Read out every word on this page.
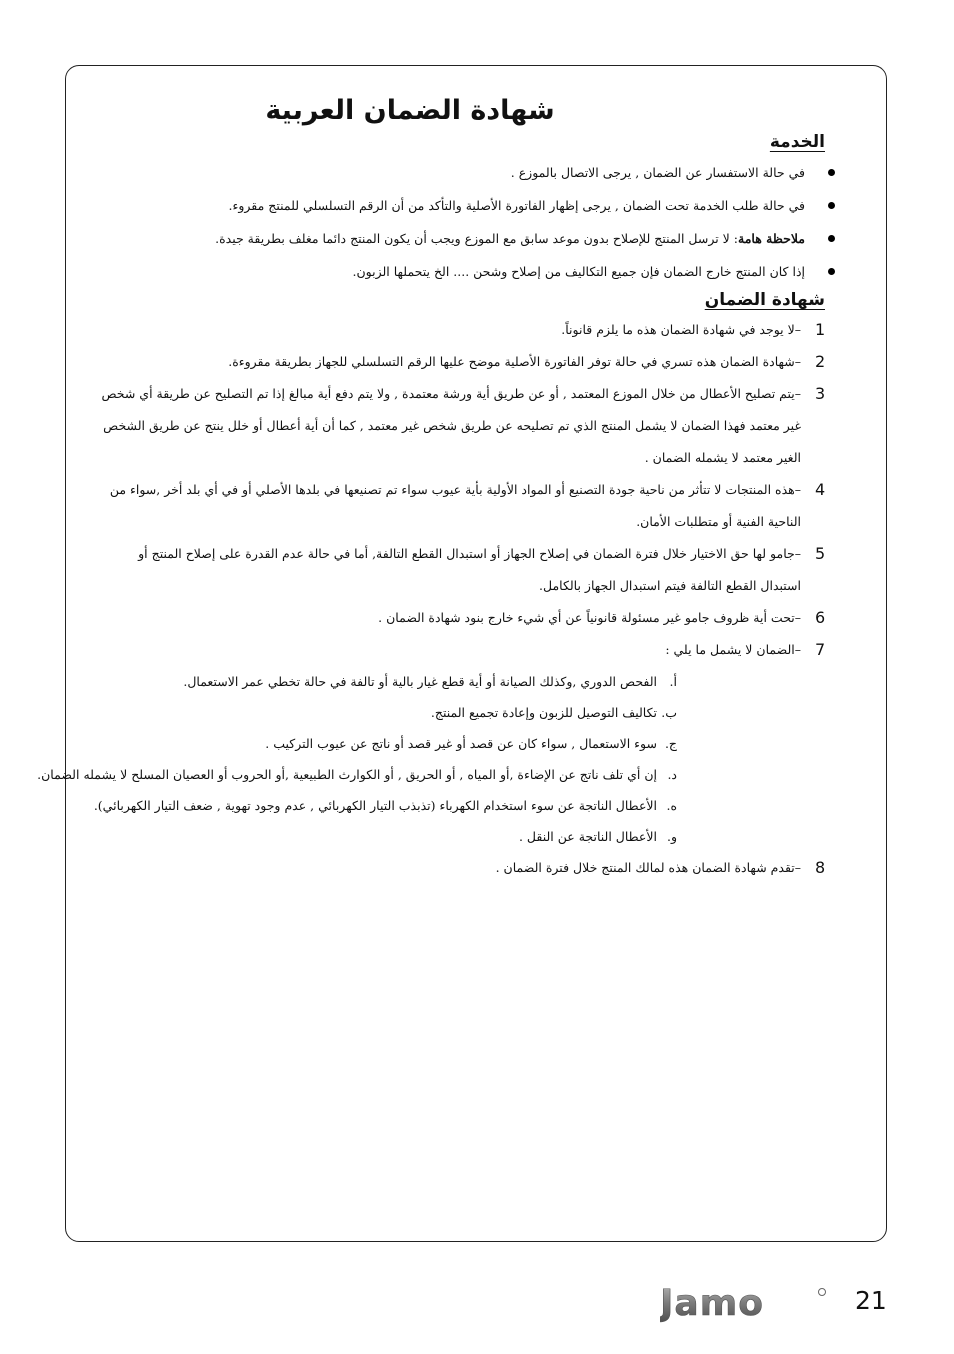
شهادة الضمان العربية
الخدمة
في حالة الاستفسار عن الضمان , يرجى الاتصال بالموزع .
في حالة طلب الخدمة تحت الضمان , يرجى إظهار الفاتورة الأصلية والتأكد من أن الرقم التسلسلي للمنتج مقروء.
ملاحظة هامة: لا ترسل المنتج للإصلاح بدون موعد سابق مع الموزع ويجب أن يكون المنتج دائما مغلف بطريقة جيدة.
إذا كان المنتج خارج الضمان فإن جميع التكاليف من إصلاح وشحن .... الخ يتحملها الزبون.
شهادة الضمان
1
–لا يوجد في شهادة الضمان هذه ما يلزم قانوناً.
2
–شهادة الضمان هذه تسري في حالة توفر الفاتورة الأصلية موضح عليها الرقم التسلسلي للجهاز بطريقة مقروءة.
3
–يتم تصليح الأعطال من خلال الموزع المعتمد , أو عن طريق أية ورشة معتمدة , ولا يتم دفع أية مبالغ إذا تم التصليح عن طريقة أي شخص غير معتمد فهذا الضمان لا يشمل المنتج الذي تم تصليحه عن طريق شخص غير معتمد , كما أن أية أعطال أو خلل ينتج عن طريق الشخص الغير معتمد لا يشمله الضمان .
4
–هذه المنتجات لا تتأثر من ناحية جودة التصنيع أو المواد الأولية بأية عيوب سواء تم تصنيعها في بلدها الأصلي أو في أي بلد أخر ,سواء من الناحية الفنية أو متطلبات الأمان.
5
–جامو لها حق الاختيار خلال فترة الضمان في إصلاح الجهاز أو استبدال القطع التالفة, أما في حالة عدم القدرة على إصلاح المنتج أو استبدال القطع التالفة فيتم استبدال الجهاز بالكامل.
6
–تحت أية ظروف جامو غير مسئولة قانونياً عن أي شيء خارج بنود شهادة الضمان .
7
–الضمان لا يشمل ما يلي :
أ.
الفحص الدوري ,وكذلك الصيانة أو أية قطع غيار بالية أو تالفة في حالة تخطي عمر الاستعمال.
ب.
تكاليف التوصيل للزبون وإعادة تجميع المنتج.
ج.
سوء الاستعمال , سواء كان عن قصد أو غير قصد أو ناتج عن عيوب التركيب .
د.
إن أي تلف ناتج عن الإضاءة ,أو المياه , أو الحريق , أو الكوارث الطبيعية ,أو الحروب أو العصيان المسلح لا يشمله الضمان.
ه.
الأعطال الناتجة عن سوء استخدام الكهرباء (تذبذب التيار الكهربائي , عدم وجود تهوية , ضعف التيار الكهربائي).
و.
الأعطال الناتجة عن النقل .
8
–تقدم شهادة الضمان هذه لمالك المنتج خلال فترة الضمان .
Jamo	21
